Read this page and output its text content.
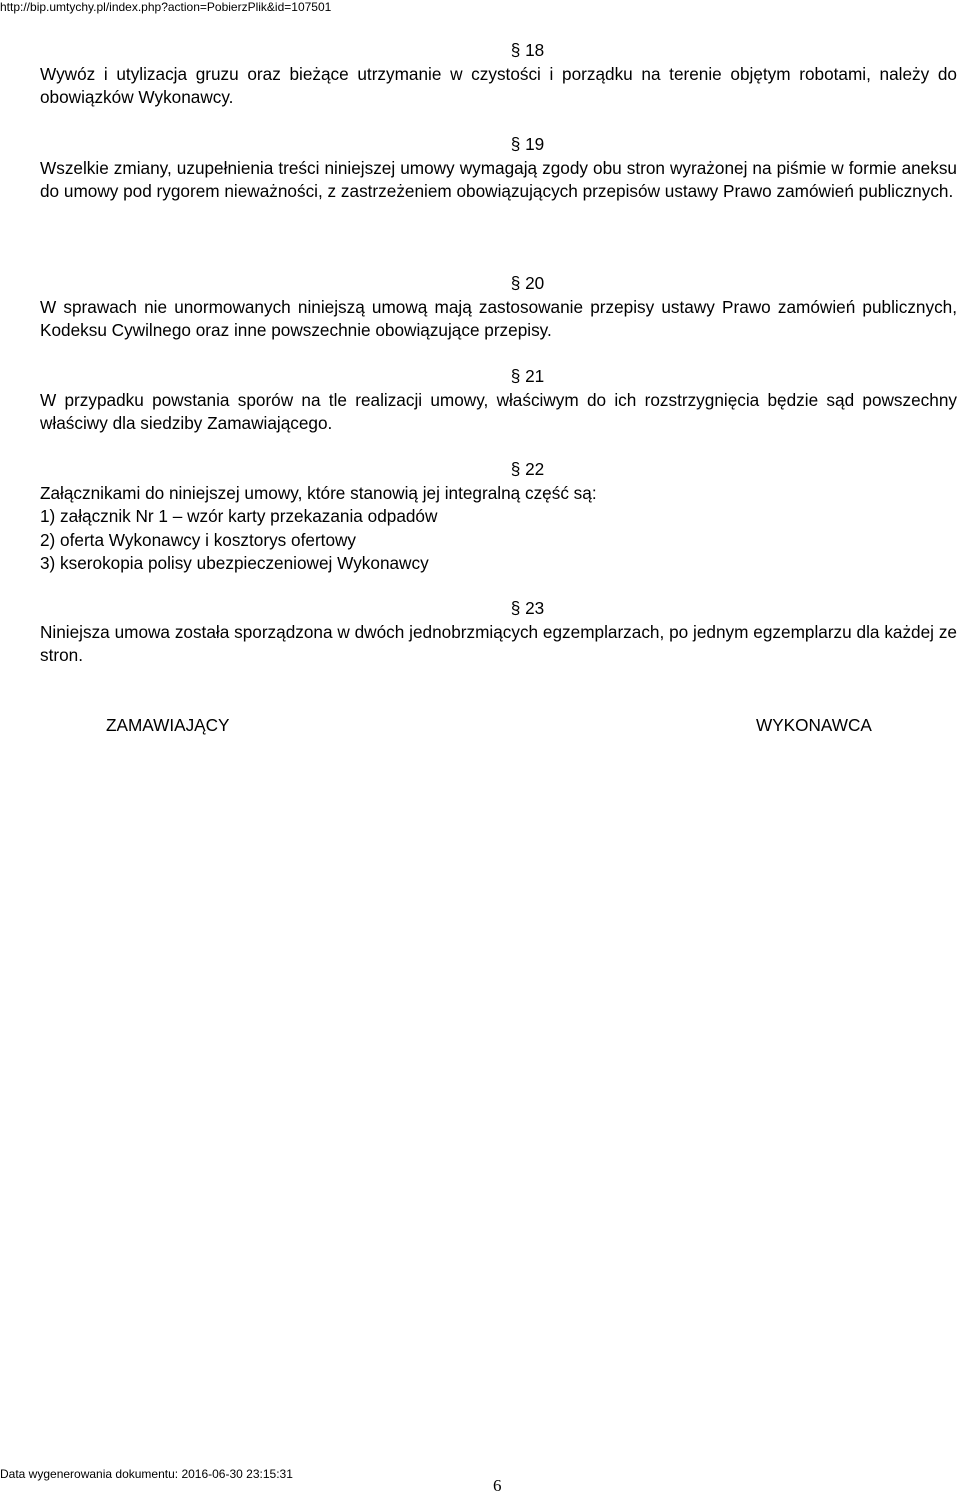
http://bip.umtychy.pl/index.php?action=PobierzPlik&id=107501
§ 18
Wywóz i utylizacja gruzu oraz bieżące utrzymanie w czystości i porządku na terenie objętym robotami, należy do obowiązków Wykonawcy.
§ 19
Wszelkie zmiany, uzupełnienia treści niniejszej umowy wymagają zgody obu stron wyrażonej na piśmie w formie aneksu do umowy pod rygorem nieważności, z zastrzeżeniem obowiązujących przepisów ustawy Prawo zamówień publicznych.
§ 20
W sprawach nie unormowanych niniejszą umową mają zastosowanie przepisy ustawy Prawo zamówień publicznych, Kodeksu Cywilnego oraz inne powszechnie obowiązujące przepisy.
§ 21
W przypadku powstania sporów na tle realizacji umowy, właściwym do ich rozstrzygnięcia będzie sąd powszechny właściwy dla siedziby Zamawiającego.
§ 22
Załącznikami do niniejszej umowy, które stanowią jej integralną część są:
1) załącznik Nr 1 – wzór karty przekazania odpadów
2) oferta Wykonawcy i kosztorys ofertowy
3) kserokopia polisy ubezpieczeniowej Wykonawcy
§ 23
Niniejsza umowa została sporządzona w dwóch jednobrzmiących egzemplarzach, po jednym egzemplarzu dla każdej ze stron.
ZAMAWIAJĄCY	WYKONAWCA
Data wygenerowania dokumentu: 2016-06-30 23:15:31
6
